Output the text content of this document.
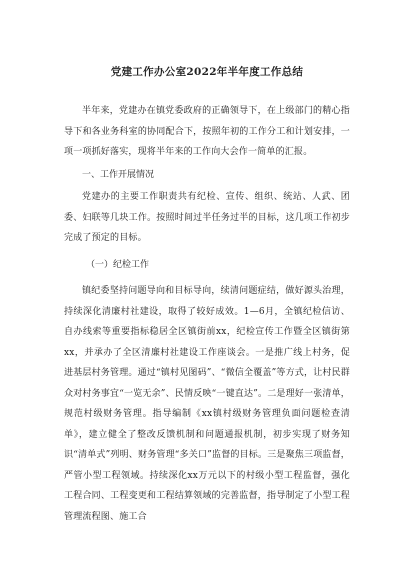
党建工作办公室2022年半年度工作总结

半年来，党建办在镇党委政府的正确领导下，在上级部门的精心指导下和各业务科室的协同配合下，按照年初的工作分工和计划安排，一项一项抓好落实，现将半年来的工作向大会作一简单的汇报。

一、工作开展情况

党建办的主要工作职责共有纪检、宣传、组织、统站、人武、团委、妇联等几块工作。按照时间过半任务过半的目标，这几项工作初步完成了预定的目标。

（一）纪检工作

镇纪委坚持问题导向和目标导向，续清问题症结，做好源头治理，持续深化清廉村社建设，取得了较好成效。1—6月，全镇纪检信访、自办线索等重要指标稳居全区镇街前xx，纪检宣传工作暨全区镇街第xx，并承办了全区清廉村社建设工作座谈会。一是推广线上村务，促进基层村务管理。通过“镇村见图码”、“微信全覆盖”等方式，让村民群众对村务事宜“一览无余”、民情反映“一键直达”。二是理好一张清单，规范村级财务管理。指导编制《xx镇村级财务管理负面问题检查清单》，建立健全了整改反馈机制和问题通报机制，初步实现了财务知识“清单式”列明、财务管理“多关口”监督的目标。三是聚焦三项监督，严管小型工程领域。持续深化xx万元以下的村级小型工程监督，强化工程合同、工程变更和工程结算领域的完善监督，指导制定了小型工程管理流程图、施工合
